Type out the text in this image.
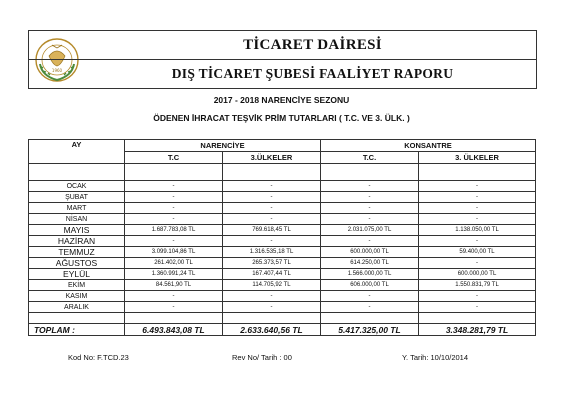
1960
TİCARET DAİRESİ
DIŞ TİCARET ŞUBESİ FAALİYET RAPORU
2017 - 2018 NARENCİYE SEZONU
ÖDENEN İHRACAT TEŞVİK PRİM TUTARLARI ( T.C. VE 3. ÜLK. )
AY	NARENCİYE		KONSANTRE	
	T.C	3.ÜLKELER	T.C.	3. ÜLKELER

OCAK	-	-	-	-
ŞUBAT	-	-	-	-
MART	-	-	-	-
NİSAN	-	-	-	-
MAYIS	1.687.783,08 TL	769.618,45 TL	2.031.075,00 TL	1.138.050,00 TL
HAZİRAN	-	-	-	-
TEMMUZ	3.099.104,86 TL	1.316.535,18 TL	600.000,00 TL	59.400,00 TL
AĞUSTOS	261.402,00 TL	265.373,57 TL	614.250,00 TL	-
EYLÜL	1.360.991,24 TL	167.407,44 TL	1.566.000,00 TL	600.000,00 TL
EKİM	84.561,90 TL	114.705,92 TL	606.000,00 TL	1.550.831,79 TL
KASIM	-	-	-	-
ARALIK	-	-	-	-

TOPLAM :	6.493.843,08 TL	2.633.640,56 TL	5.417.325,00 TL	3.348.281,79 TL
Kod No: F.TCD.23	Rev No/ Tarih : 00	Y. Tarih: 10/10/2014
